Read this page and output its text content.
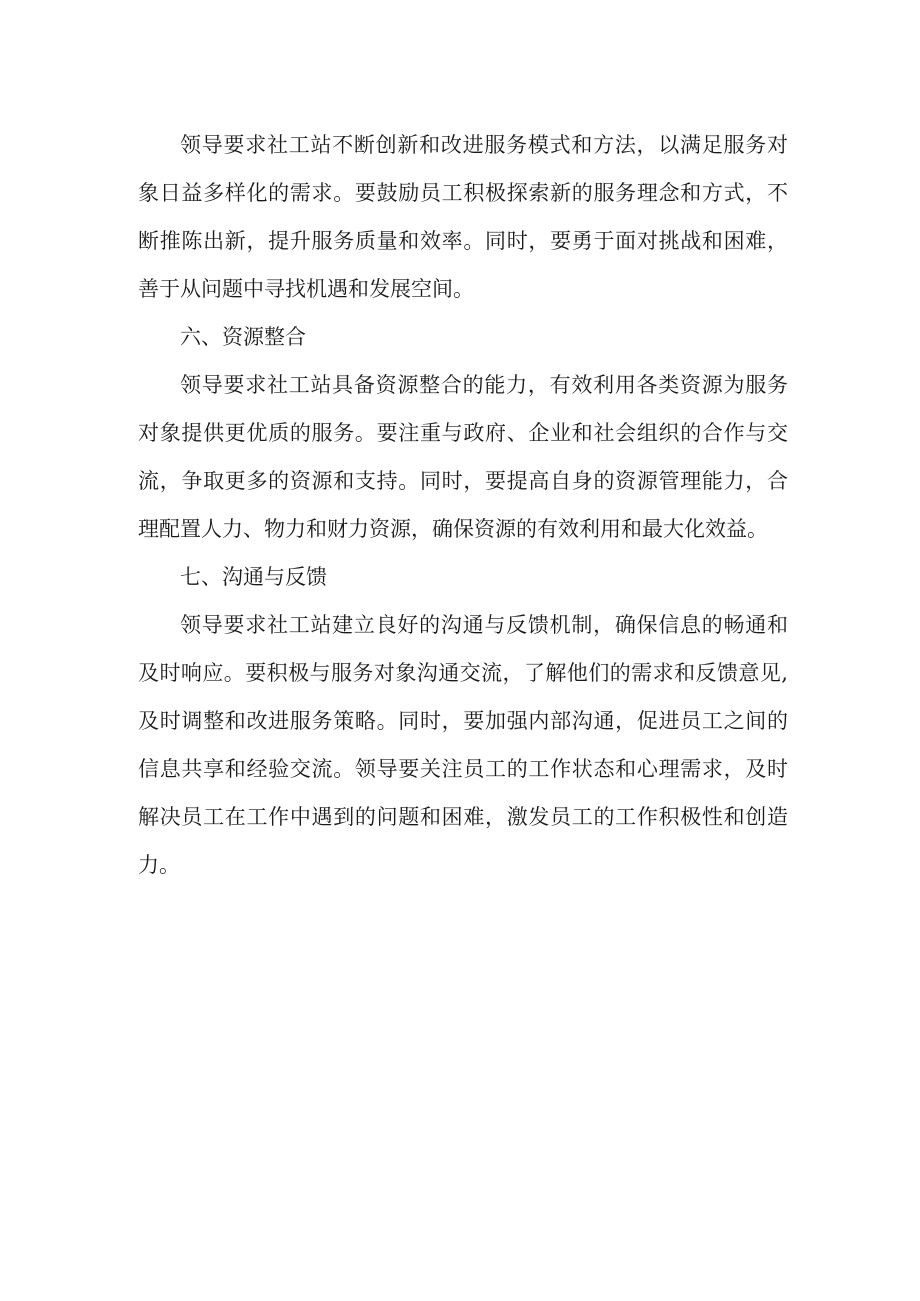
领导要求社工站不断创新和改进服务模式和方法，以满足服务对象日益多样化的需求。要鼓励员工积极探索新的服务理念和方式，不断推陈出新，提升服务质量和效率。同时，要勇于面对挑战和困难，善于从问题中寻找机遇和发展空间。

六、资源整合

领导要求社工站具备资源整合的能力，有效利用各类资源为服务对象提供更优质的服务。要注重与政府、企业和社会组织的合作与交流，争取更多的资源和支持。同时，要提高自身的资源管理能力，合理配置人力、物力和财力资源，确保资源的有效利用和最大化效益。

七、沟通与反馈

领导要求社工站建立良好的沟通与反馈机制，确保信息的畅通和及时响应。要积极与服务对象沟通交流，了解他们的需求和反馈意见,及时调整和改进服务策略。同时，要加强内部沟通，促进员工之间的信息共享和经验交流。领导要关注员工的工作状态和心理需求，及时解决员工在工作中遇到的问题和困难，激发员工的工作积极性和创造力。
